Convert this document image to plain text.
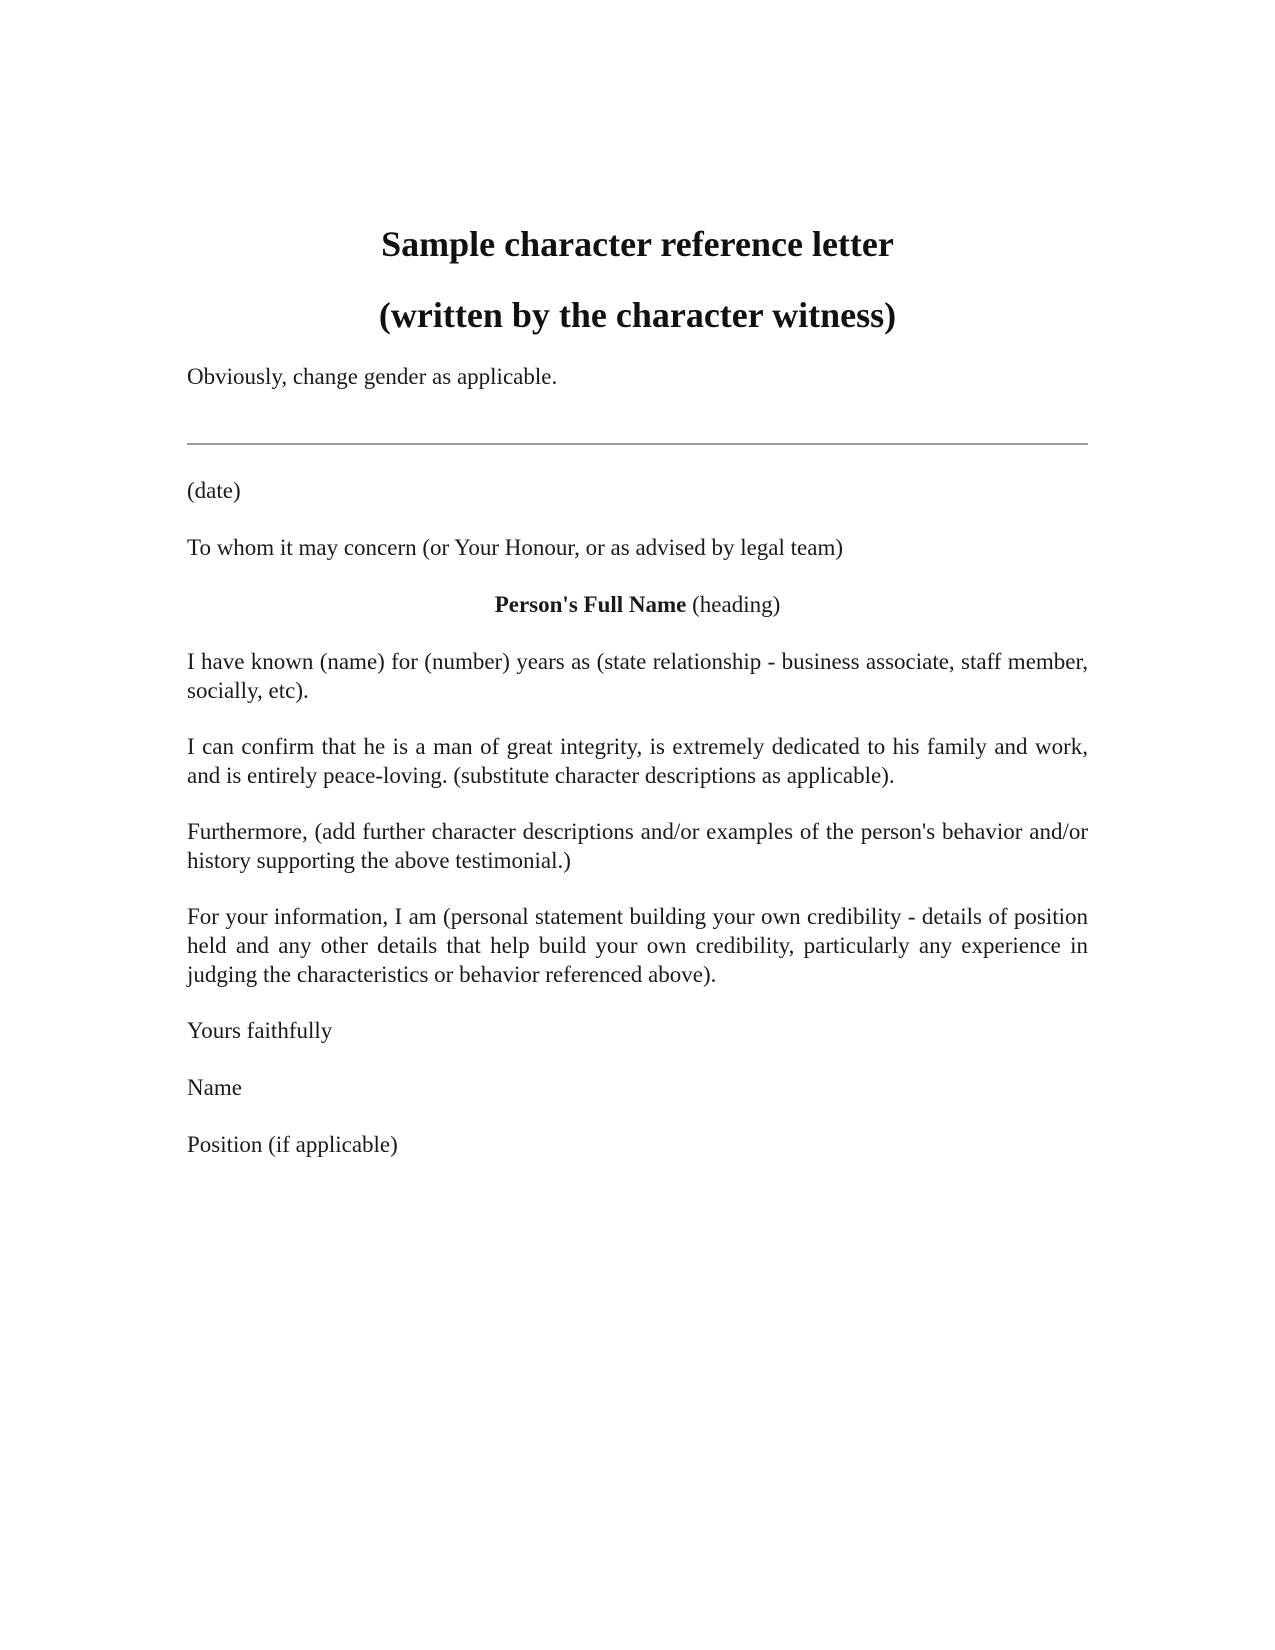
Sample character reference letter
(written by the character witness)

Obviously, change gender as applicable.

(date)

To whom it may concern (or Your Honour, or as advised by legal team)

Person's Full Name (heading)

I have known (name) for (number) years as (state relationship - business associate, staff member, socially, etc).

I can confirm that he is a man of great integrity, is extremely dedicated to his family and work, and is entirely peace-loving. (substitute character descriptions as applicable).

Furthermore, (add further character descriptions and/or examples of the person's behavior and/or history supporting the above testimonial.)

For your information, I am (personal statement building your own credibility - details of position held and any other details that help build your own credibility, particularly any experience in judging the characteristics or behavior referenced above).

Yours faithfully

Name

Position (if applicable)
